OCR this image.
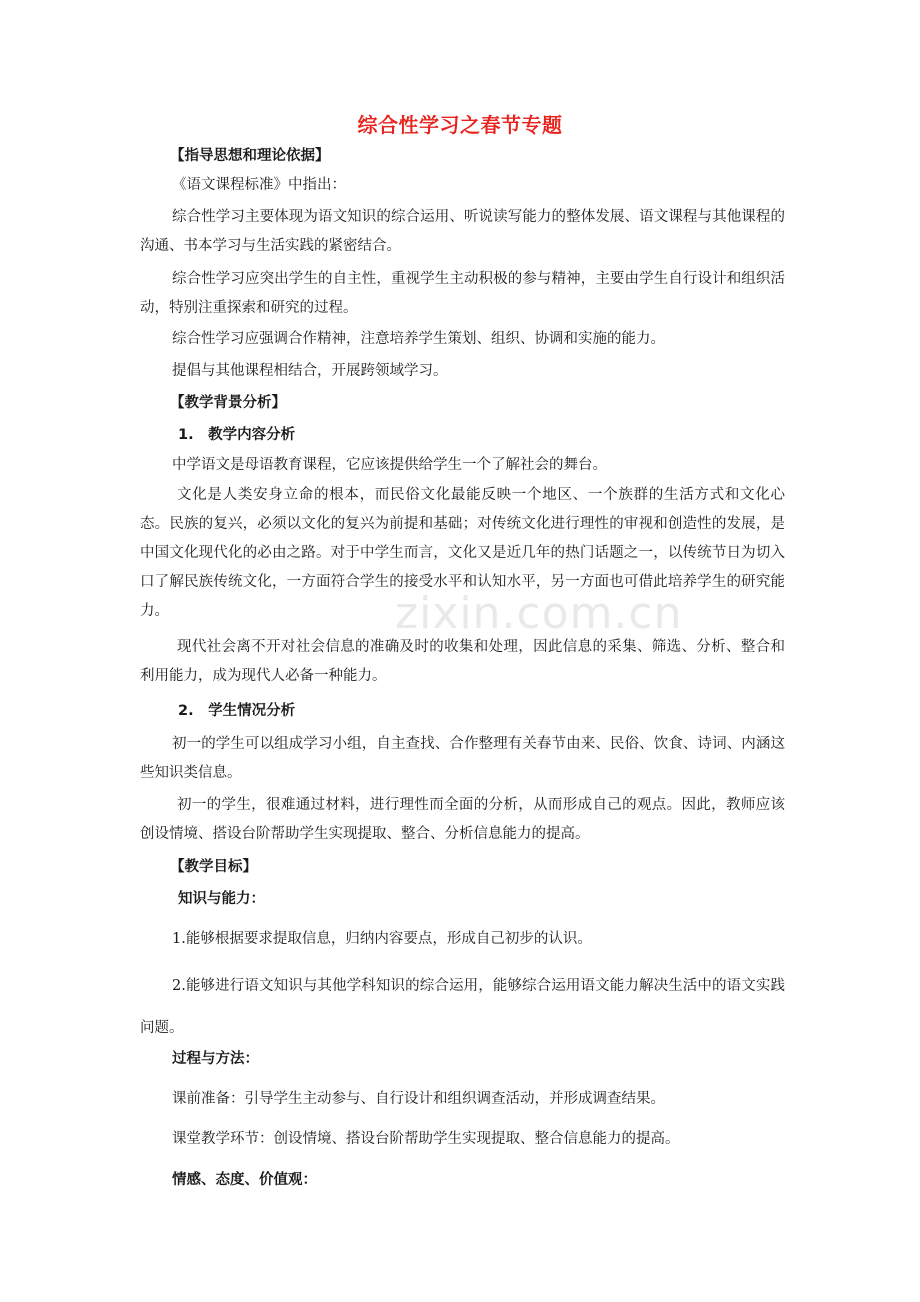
zixin.com.cn
综合性学习之春节专题

【指导思想和理论依据】

《语文课程标准》中指出：

综合性学习主要体现为语文知识的综合运用、听说读写能力的整体发展、语文课程与其他课程的沟通、书本学习与生活实践的紧密结合。

综合性学习应突出学生的自主性，重视学生主动积极的参与精神，主要由学生自行设计和组织活动，特别注重探索和研究的过程。

综合性学习应强调合作精神，注意培养学生策划、组织、协调和实施的能力。

提倡与其他课程相结合，开展跨领域学习。

【教学背景分析】

1.　教学内容分析

中学语文是母语教育课程，它应该提供给学生一个了解社会的舞台。

文化是人类安身立命的根本，而民俗文化最能反映一个地区、一个族群的生活方式和文化心态。民族的复兴，必须以文化的复兴为前提和基础；对传统文化进行理性的审视和创造性的发展，是中国文化现代化的必由之路。对于中学生而言，文化又是近几年的热门话题之一，以传统节日为切入口了解民族传统文化，一方面符合学生的接受水平和认知水平，另一方面也可借此培养学生的研究能力。

现代社会离不开对社会信息的准确及时的收集和处理，因此信息的采集、筛选、分析、整合和利用能力，成为现代人必备一种能力。

2.　学生情况分析

初一的学生可以组成学习小组，自主查找、合作整理有关春节由来、民俗、饮食、诗词、内涵这些知识类信息。

初一的学生，很难通过材料，进行理性而全面的分析，从而形成自己的观点。因此，教师应该创设情境、搭设台阶帮助学生实现提取、整合、分析信息能力的提高。

【教学目标】

知识与能力：

1.能够根据要求提取信息，归纳内容要点，形成自己初步的认识。

2.能够进行语文知识与其他学科知识的综合运用，能够综合运用语文能力解决生活中的语文实践问题。

过程与方法：

课前准备：引导学生主动参与、自行设计和组织调查活动，并形成调查结果。

课堂教学环节：创设情境、搭设台阶帮助学生实现提取、整合信息能力的提高。

情感、态度、价值观：
